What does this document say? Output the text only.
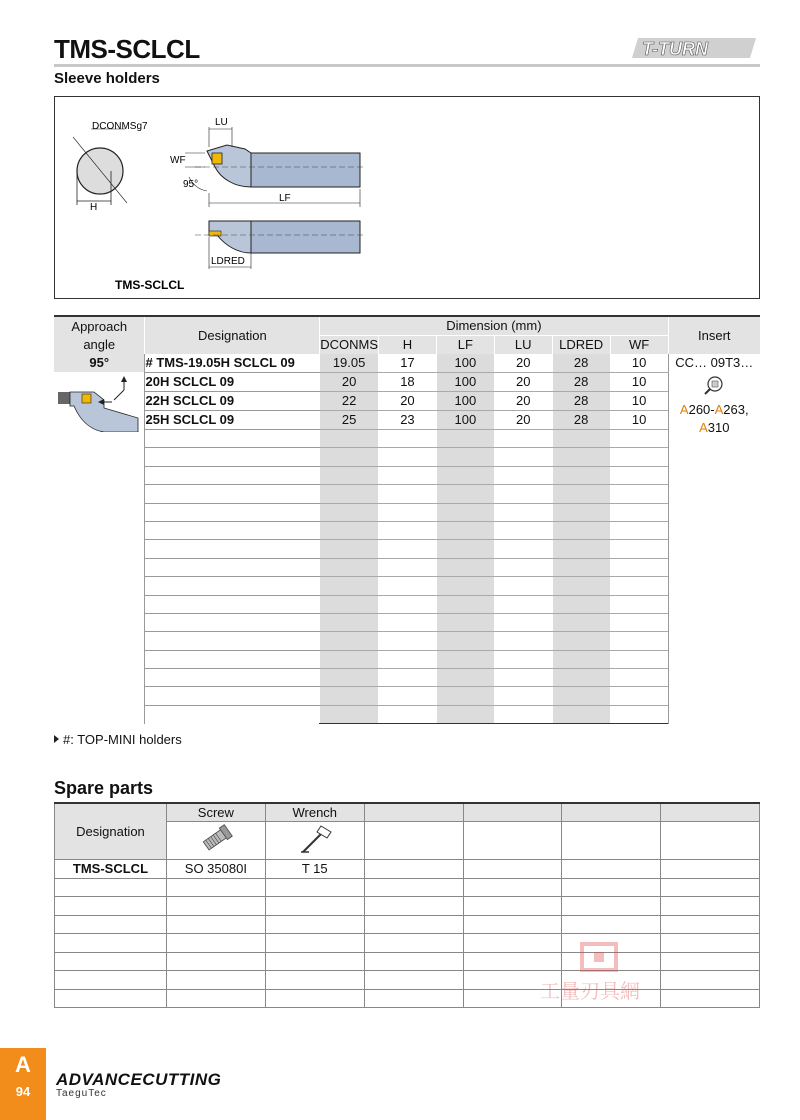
TMS-SCLCL
Sleeve holders
T-TURN
DCONMSg7
H
LU
WF
95°
LF
LDRED
TMS-SCLCL
Approach angle	Designation	Dimension (mm)						Insert
		DCONMS	H	LF	LU	LDRED	WF	

95°	# TMS-19.05H SCLCL 09	19.05	17	100	20	28	10	CC… 09T3…
A260-A263,
A310

	20H SCLCL 09	20	18	100	20	28	10	
	22H SCLCL 09	22	20	100	20	28	10	
	25H SCLCL 09	25	23	100	20	28	10	

#: TOP-MINI holders
Spare parts
Designation	Screw	Wrench				

TMS-SCLCL	SO 35080I	T 15				

工量刃具網
A
94
ADVANCECUTTING
TaeguTec
